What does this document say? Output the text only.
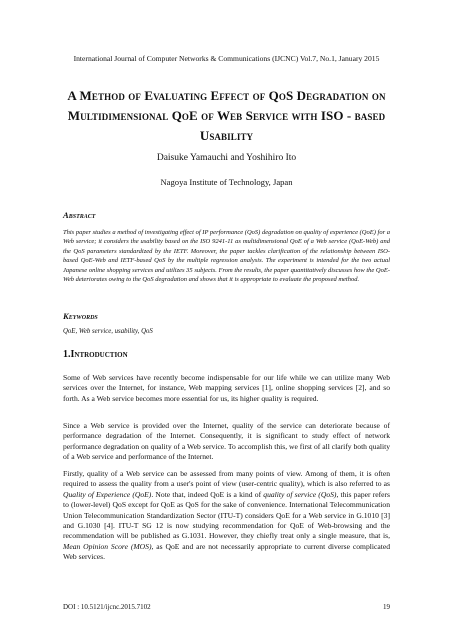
International Journal of Computer Networks & Communications (IJCNC) Vol.7, No.1, January 2015
A Method of Evaluating Effect of QoS Degradation on Multidimensional QoE of Web Service with ISO - based Usability
Daisuke Yamauchi and Yoshihiro Ito
Nagoya Institute of Technology, Japan
Abstract
This paper studies a method of investigating effect of IP performance (QoS) degradation on quality of experience (QoE) for a Web service; it considers the usability based on the ISO 9241-11 as multidimensional QoE of a Web service (QoE-Web) and the QoS parameters standardized by the IETF. Moreover, the paper tackles clarification of the relationship between ISO-based QoE-Web and IETF-based QoS by the multiple regression analysis. The experiment is intended for the two actual Japanese online shopping services and utilizes 35 subjects. From the results, the paper quantitatively discusses how the QoE-Web deteriorates owing to the QoS degradation and shows that it is appropriate to evaluate the proposed method.
Keywords
QoE, Web service, usability, QoS
1.Introduction
Some of Web services have recently become indispensable for our life while we can utilize many Web services over the Internet, for instance, Web mapping services [1], online shopping services [2], and so forth. As a Web service becomes more essential for us, its higher quality is required.
Since a Web service is provided over the Internet, quality of the service can deteriorate because of performance degradation of the Internet. Consequently, it is significant to study effect of network performance degradation on quality of a Web service. To accomplish this, we first of all clarify both quality of a Web service and performance of the Internet.
Firstly, quality of a Web service can be assessed from many points of view. Among of them, it is often required to assess the quality from a user's point of view (user-centric quality), which is also referred to as Quality of Experience (QoE). Note that, indeed QoE is a kind of quality of service (QoS), this paper refers to (lower-level) QoS except for QoE as QoS for the sake of convenience. International Telecommunication Union Telecommunication Standardization Sector (ITU-T) considers QoE for a Web service in G.1010 [3] and G.1030 [4]. ITU-T SG 12 is now studying recommendation for QoE of Web-browsing and the recommendation will be published as G.1031. However, they chiefly treat only a single measure, that is, Mean Opinion Score (MOS), as QoE and are not necessarily appropriate to current diverse complicated Web services.
DOI : 10.5121/ijcnc.2015.7102	19
